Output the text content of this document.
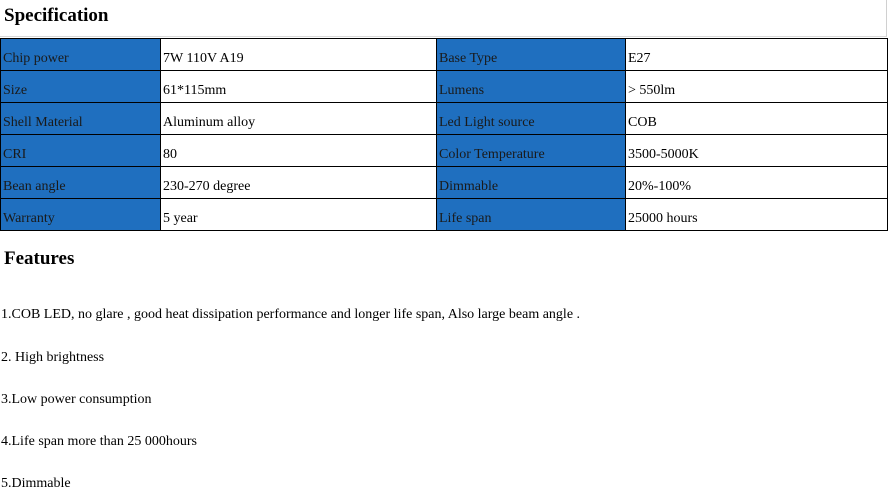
Specification
Chip power	7W 110V A19	Base Type	E27
Size	61*115mm	Lumens	> 550lm
Shell Material	Aluminum alloy	Led Light source	COB
CRI	80	Color Temperature	3500-5000K
Bean angle	230-270 degree	Dimmable	20%-100%
Warranty	5 year	Life span	25000 hours
Features

1.COB LED, no glare , good heat dissipation performance and longer life span, Also large beam angle .

2. High brightness

3.Low power consumption

4.Life span more than 25 000hours

5.Dimmable
